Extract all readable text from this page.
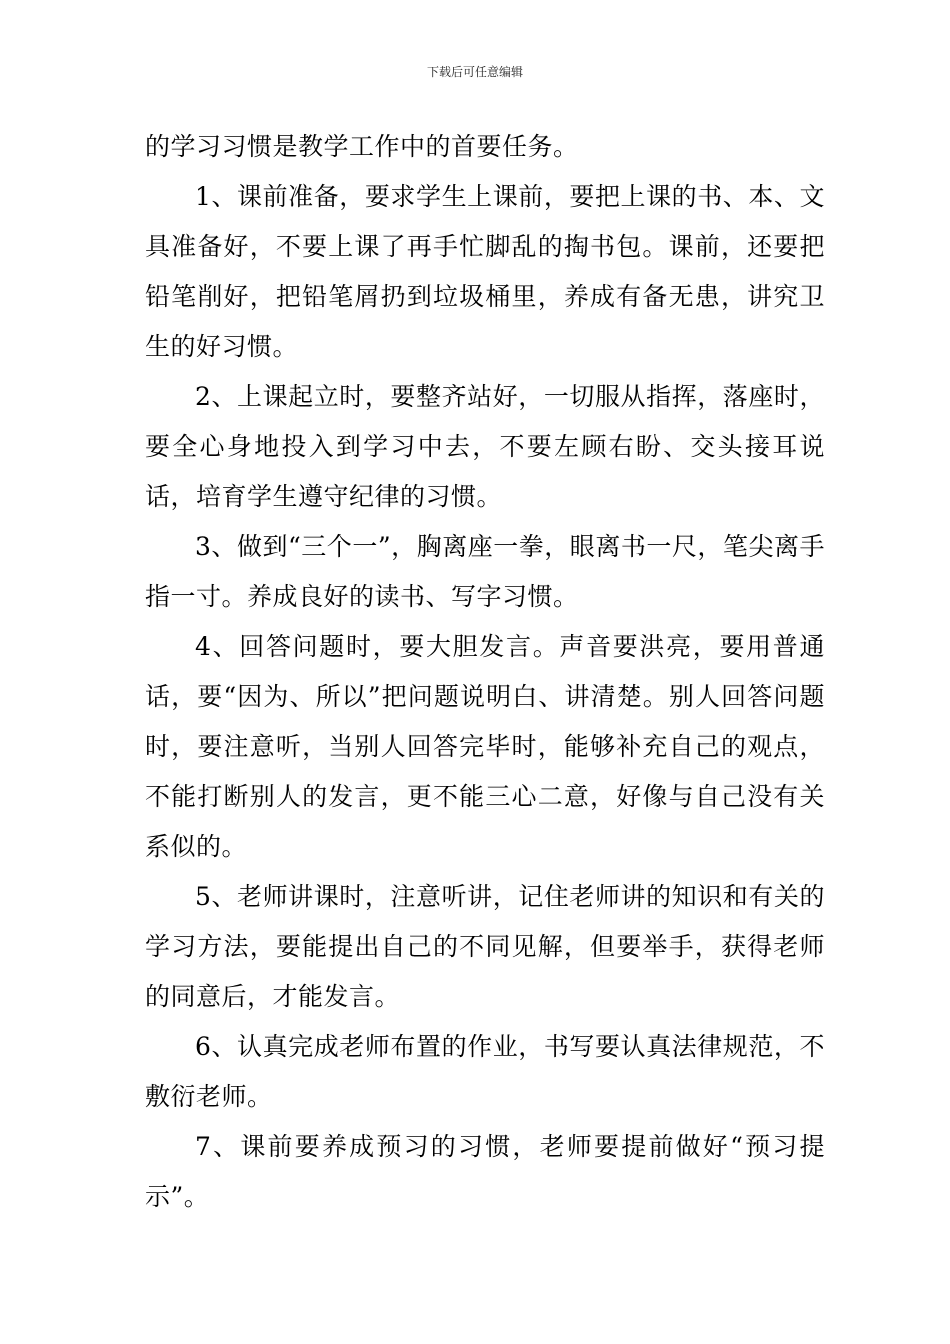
下载后可任意编辑

的学习习惯是教学工作中的首要任务。

1、课前准备，要求学生上课前，要把上课的书、本、文具准备好，不要上课了再手忙脚乱的掏书包。课前，还要把铅笔削好，把铅笔屑扔到垃圾桶里，养成有备无患，讲究卫生的好习惯。

2、上课起立时，要整齐站好，一切服从指挥，落座时，要全心身地投入到学习中去，不要左顾右盼、交头接耳说话，培育学生遵守纪律的习惯。

3、做到“三个一”，胸离座一拳，眼离书一尺，笔尖离手指一寸。养成良好的读书、写字习惯。

4、回答问题时，要大胆发言。声音要洪亮，要用普通话，要“因为、所以”把问题说明白、讲清楚。别人回答问题时，要注意听，当别人回答完毕时，能够补充自己的观点，不能打断别人的发言，更不能三心二意，好像与自己没有关系似的。

5、老师讲课时，注意听讲，记住老师讲的知识和有关的学习方法，要能提出自己的不同见解，但要举手，获得老师的同意后，才能发言。

6、认真完成老师布置的作业，书写要认真法律规范，不敷衍老师。

7、课前要养成预习的习惯，老师要提前做好“预习提示”。
